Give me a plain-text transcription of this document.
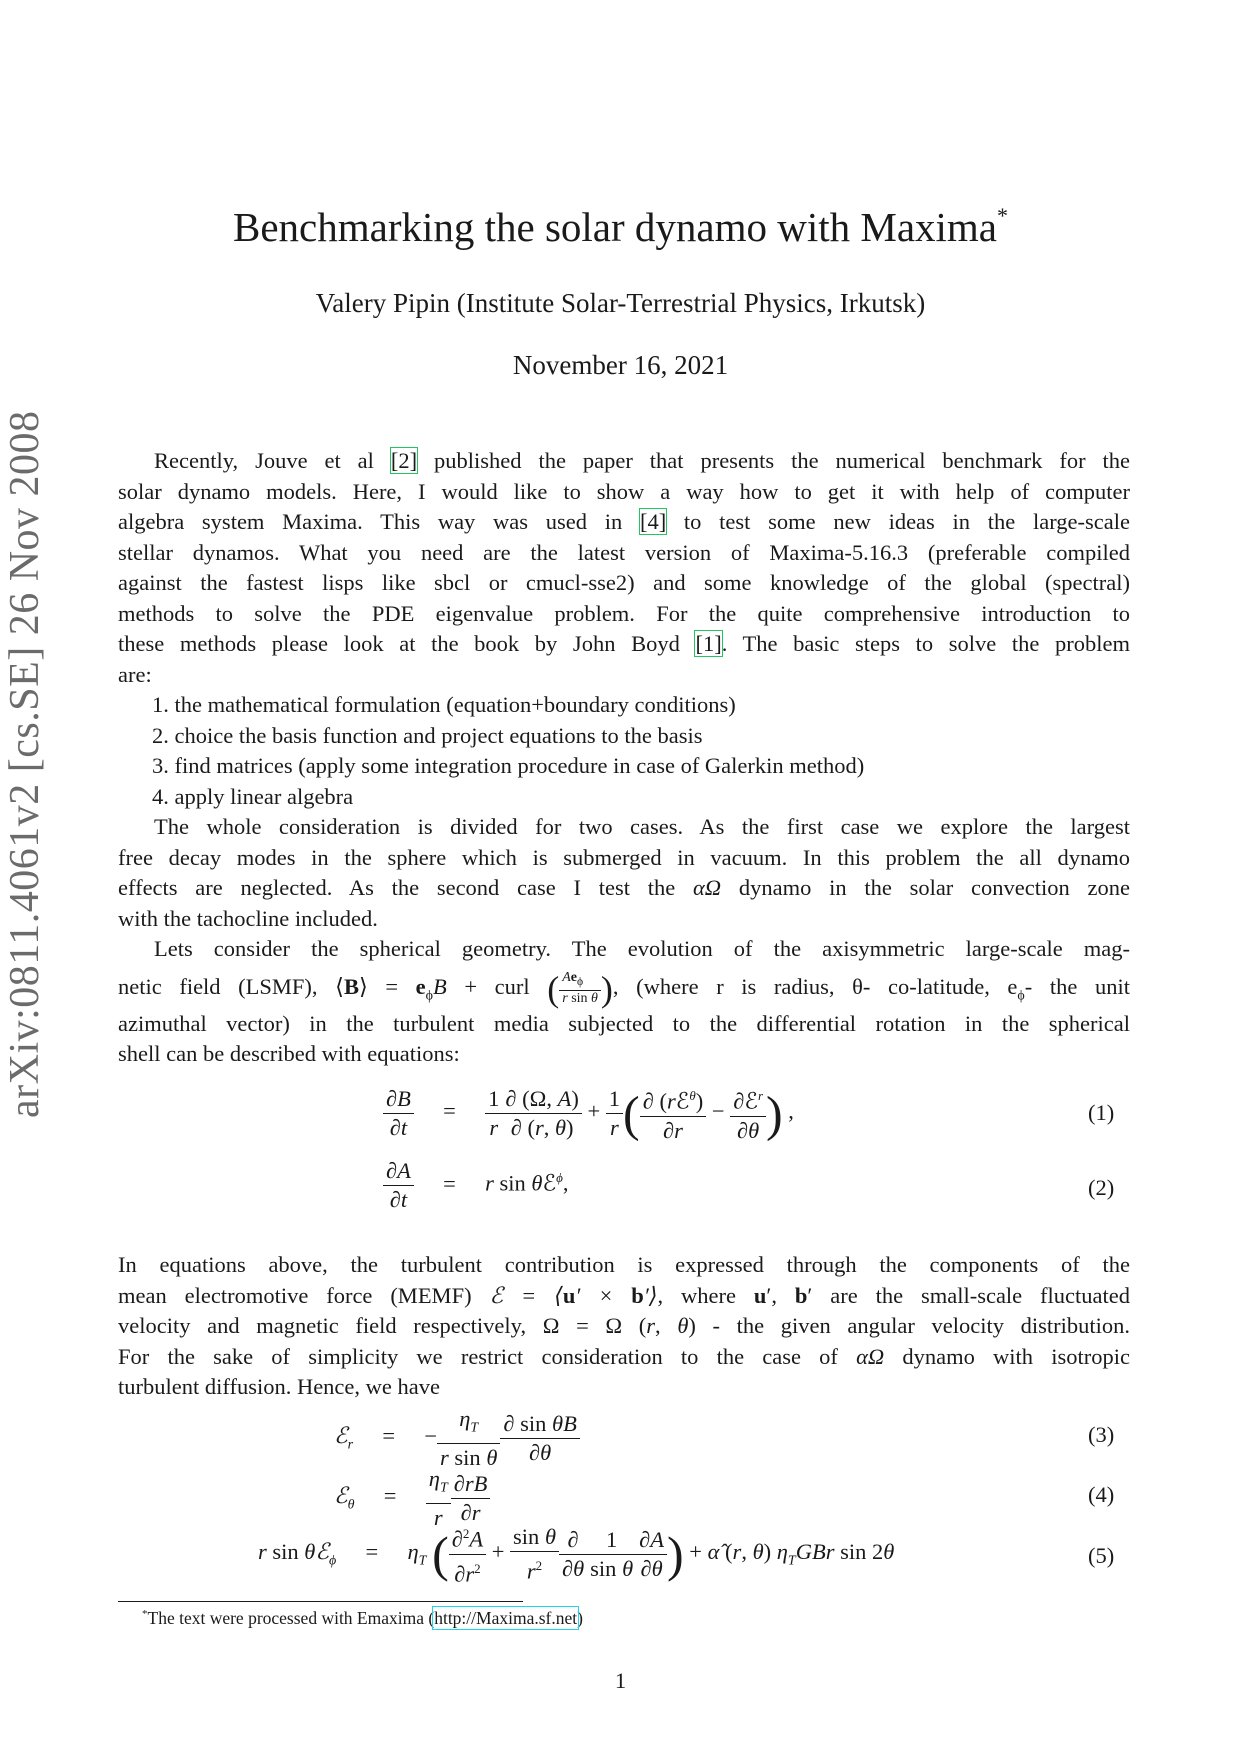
arXiv:0811.4061v2 [cs.SE] 26 Nov 2008
Benchmarking the solar dynamo with Maxima*
Valery Pipin (Institute Solar-Terrestrial Physics, Irkutsk)
November 16, 2021
Recently, Jouve et al [2] published the paper that presents the numerical benchmark for the
solar dynamo models. Here, I would like to show a way how to get it with help of computer
algebra system Maxima. This way was used in [4] to test some new ideas in the large-scale
stellar dynamos. What you need are the latest version of Maxima-5.16.3 (preferable compiled
against the fastest lisps like sbcl or cmucl-sse2) and some knowledge of the global (spectral)
methods to solve the PDE eigenvalue problem. For the quite comprehensive introduction to
these methods please look at the book by John Boyd [1]. The basic steps to solve the problem
are:
1. the mathematical formulation (equation+boundary conditions)
2. choice the basis function and project equations to the basis
3. find matrices (apply some integration procedure in case of Galerkin method)
4. apply linear algebra
The whole consideration is divided for two cases. As the first case we explore the largest
free decay modes in the sphere which is submerged in vacuum. In this problem the all dynamo
effects are neglected. As the second case I test the αΩ dynamo in the solar convection zone
with the tachocline included.
Lets consider the spherical geometry. The evolution of the axisymmetric large-scale mag-
netic field (LSMF), ⟨B⟩ = $e_\phi B$ + curl ( $\frac{Ae_\phi}{\text{r sin θ}}$ ), (where r is radius, θ- co-latitude, $e_\phi-$ the unit
azimuthal vector) in the turbulent media subjected to the differential rotation in the spherical
shell can be described with equations:
$\frac{\partial B}{\partial t} = \frac{1}{r} \frac{\partial (\Omega, A)}{\partial (r, \theta)} + \frac{1}{r}$ ( $\frac{\partial (rℰ^\theta)}{\partial r} - \frac{\partial ℰ^r}{\partial\theta}$ ) ,	(1)
$\frac{\partial A}{\partial t} = r$ sin θℰ$^\phi$,	(2)
In equations above, the turbulent contribution is expressed through the components of the
mean electromotive force (MEMF) ℰ = ⟨u′ × b′⟩, where u′, b′ are the small-scale fluctuated
velocity and magnetic field respectively, Ω = Ω (r, θ) - the given angular velocity distribution.
For the sake of simplicity we restrict consideration to the case of αΩ dynamo with isotropic
turbulent diffusion. Hence, we have
ℰ$_r$ = − $\frac{\eta_T}{\text{r sin θ}} \frac{\text{∂ sin θB}}{\partial\theta}$	(3)
ℰ$_\theta$ = $\frac{\eta_T}{r} \frac{\partial rB}{\partial r}$	(4)
r sin θℰ$_\phi$ = $\eta_T$ ( $\frac{\partial^2A}{\partial r^2} + \frac{\text{sin θ}}{r^2} \frac{\partial}{\partial\theta} \frac{1}{\text{sin θ}} \frac{\partial A}{\partial\theta}$ ) + α̂ (r, θ) $\eta_TGBr$ sin 2θ	(5)
*The text were processed with Emaxima (http://Maxima.sf.net)
1
